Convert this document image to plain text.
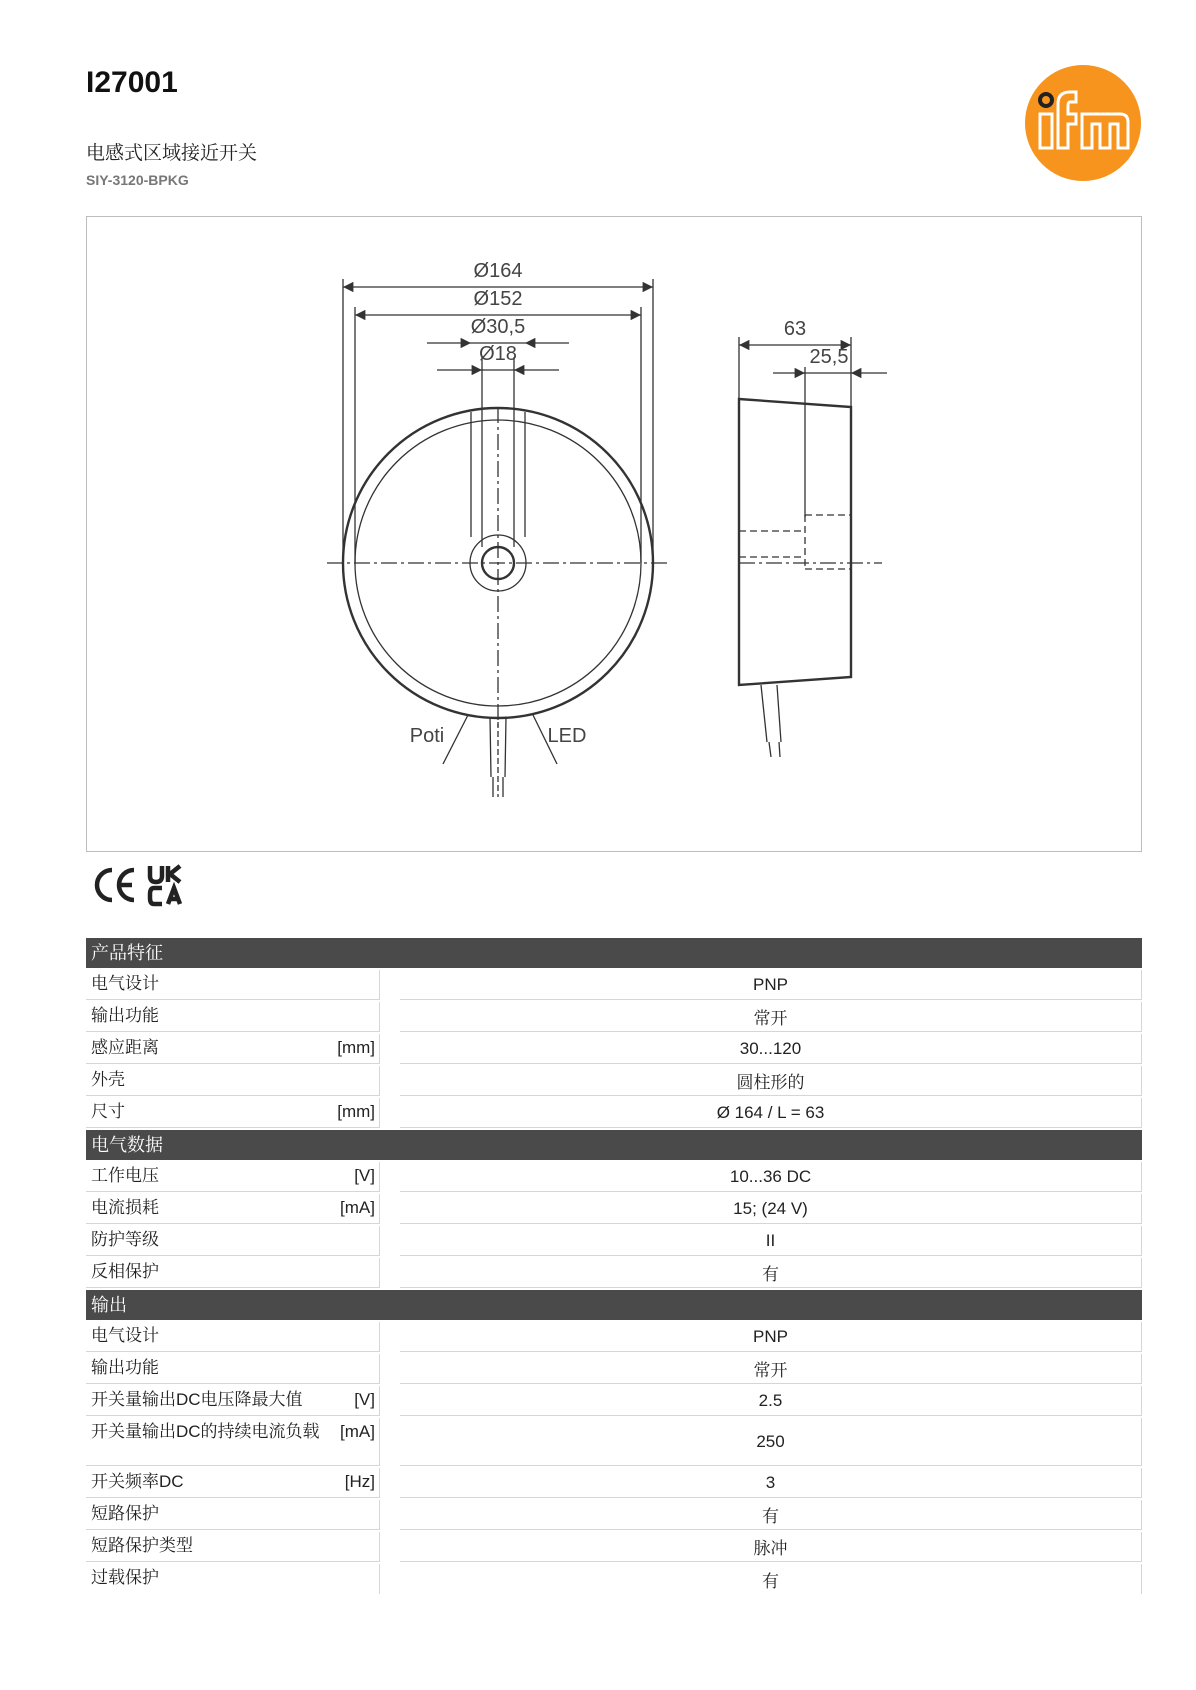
I27001
电感式区域接近开关
SIY-3120-BPKG
Ø164
Ø152
Ø30,5
Ø18
63
25,5
Poti	LED
产品特征
电气设计	PNP
输出功能	常开
感应距离	[mm]	30...120
外壳	圆柱形的
尺寸	[mm]	Ø 164 / L = 63
电气数据
工作电压	[V]	10...36 DC
电流损耗	[mA]	15; (24 V)
防护等级	II
反相保护	有
输出
电气设计	PNP
输出功能	常开
开关量输出DC电压降最大值	[V]	2.5
开关量输出DC的持续电流负载	[mA]	250
开关频率DC	[Hz]	3
短路保护	有
短路保护类型	脉冲
过载保护	有
